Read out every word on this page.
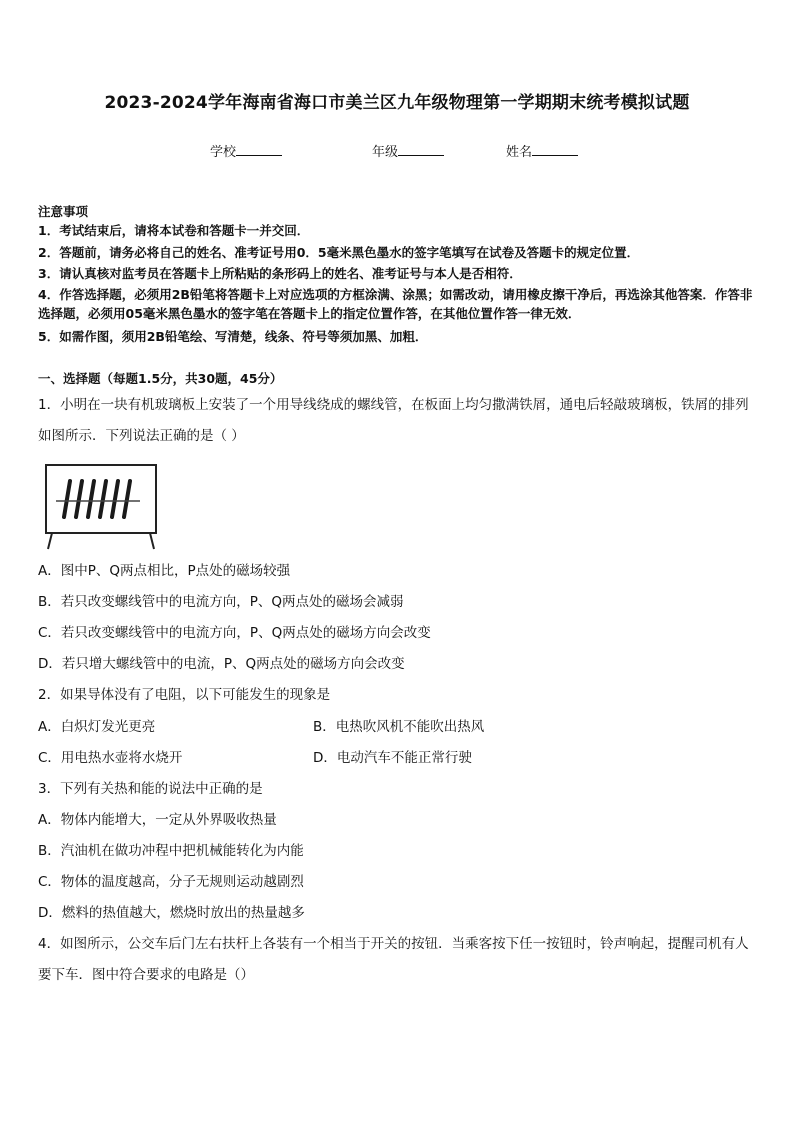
2023-2024学年海南省海口市美兰区九年级物理第一学期期末统考模拟试题
学校	年级	姓名
注意事项
1．考试结束后，请将本试卷和答题卡一并交回．
2．答题前，请务必将自己的姓名、准考证号用0．5毫米黑色墨水的签字笔填写在试卷及答题卡的规定位置．
3．请认真核对监考员在答题卡上所粘贴的条形码上的姓名、准考证号与本人是否相符．
4．作答选择题，必须用2B铅笔将答题卡上对应选项的方框涂满、涂黑；如需改动，请用橡皮擦干净后，再选涂其他答案．作答非选择题，必须用05毫米黑色墨水的签字笔在答题卡上的指定位置作答，在其他位置作答一律无效．
5．如需作图，须用2B铅笔绘、写清楚，线条、符号等须加黑、加粗．
一、选择题（每题1.5分，共30题，45分）
1．小明在一块有机玻璃板上安装了一个用导线绕成的螺线管，在板面上均匀撒满铁屑，通电后轻敲玻璃板，铁屑的排列如图所示．下列说法正确的是（ ）
A．图中P、Q两点相比，P点处的磁场较强
B．若只改变螺线管中的电流方向，P、Q两点处的磁场会减弱
C．若只改变螺线管中的电流方向，P、Q两点处的磁场方向会改变
D．若只增大螺线管中的电流，P、Q两点处的磁场方向会改变
2．如果导体没有了电阻，以下可能发生的现象是
A．白炽灯发光更亮	B．电热吹风机不能吹出热风
C．用电热水壶将水烧开	D．电动汽车不能正常行驶
3．下列有关热和能的说法中正确的是
A．物体内能增大，一定从外界吸收热量
B．汽油机在做功冲程中把机械能转化为内能
C．物体的温度越高，分子无规则运动越剧烈
D．燃料的热值越大，燃烧时放出的热量越多
4．如图所示，公交车后门左右扶杆上各装有一个相当于开关的按钮．当乘客按下任一按钮时，铃声响起，提醒司机有人要下车．图中符合要求的电路是（）
